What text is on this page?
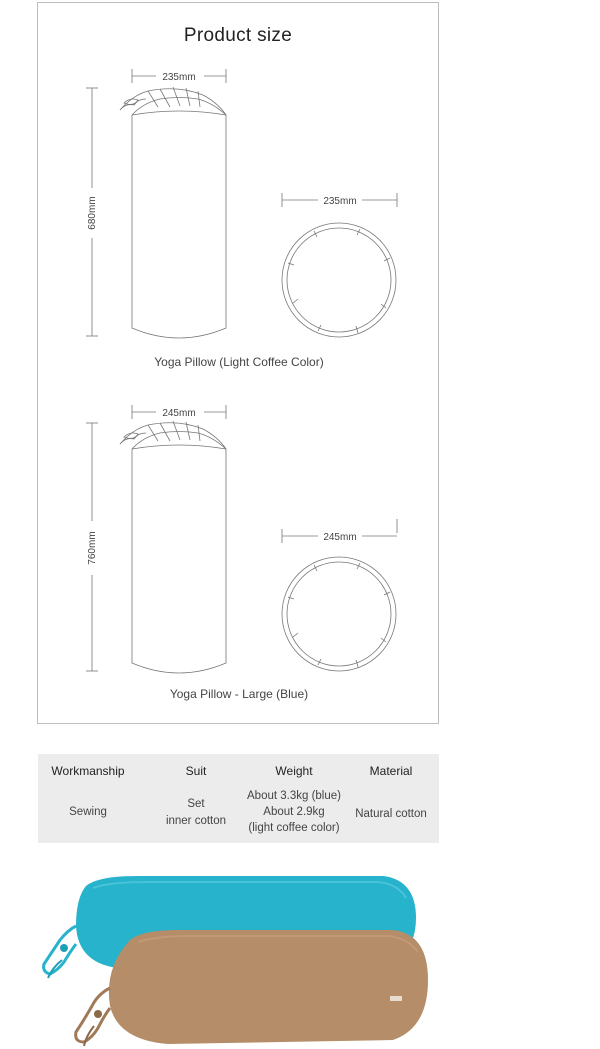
Product size
235mm
235mm
680mm
245mm
245mm
760mm
Yoga Pillow (Light Coffee Color)
Yoga Pillow - Large (Blue)
Workmanship
Sewing
Suit
Set
inner cotton
Weight
About 3.3kg (blue)
About 2.9kg
(light coffee color)
Material
Natural cotton
